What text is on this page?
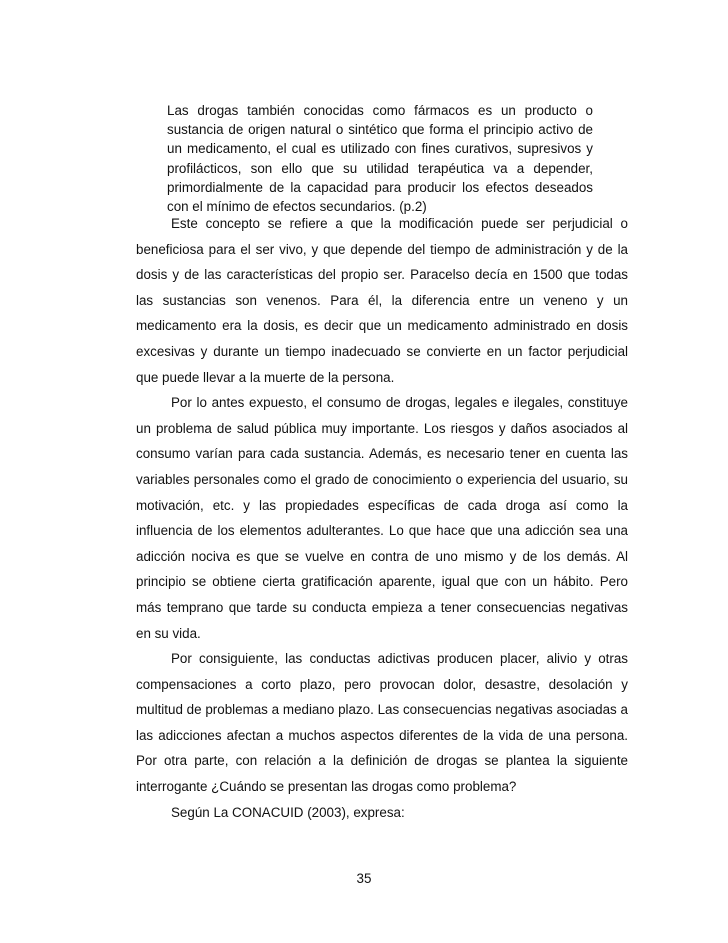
Las drogas también conocidas como fármacos es un producto o sustancia de origen natural o sintético que forma el principio activo de un medicamento, el cual es utilizado con fines curativos, supresivos y profilácticos, son ello que su utilidad terapéutica va a depender, primordialmente de la capacidad para producir los efectos deseados con el mínimo de efectos secundarios. (p.2)

Este concepto se refiere a que la modificación puede ser perjudicial o beneficiosa para el ser vivo, y que depende del tiempo de administración y de la dosis y de las características del propio ser. Paracelso decía en 1500 que todas las sustancias son venenos. Para él, la diferencia entre un veneno y un medicamento era la dosis, es decir que un medicamento administrado en dosis excesivas y durante un tiempo inadecuado se convierte en un factor perjudicial que puede llevar a la muerte de la persona.

Por lo antes expuesto, el consumo de drogas, legales e ilegales, constituye un problema de salud pública muy importante. Los riesgos y daños asociados al consumo varían para cada sustancia. Además, es necesario tener en cuenta las variables personales como el grado de conocimiento o experiencia del usuario, su motivación, etc. y las propiedades específicas de cada droga así como la influencia de los elementos adulterantes. Lo que hace que una adicción sea una adicción nociva es que se vuelve en contra de uno mismo y de los demás. Al principio se obtiene cierta gratificación aparente, igual que con un hábito. Pero más temprano que tarde su conducta empieza a tener consecuencias negativas en su vida.

Por consiguiente, las conductas adictivas producen placer, alivio y otras compensaciones a corto plazo, pero provocan dolor, desastre, desolación y multitud de problemas a mediano plazo. Las consecuencias negativas asociadas a las adicciones afectan a muchos aspectos diferentes de la vida de una persona. Por otra parte, con relación a la definición de drogas se plantea la siguiente interrogante ¿Cuándo se presentan las drogas como problema?

Según La CONACUID (2003), expresa:

35
